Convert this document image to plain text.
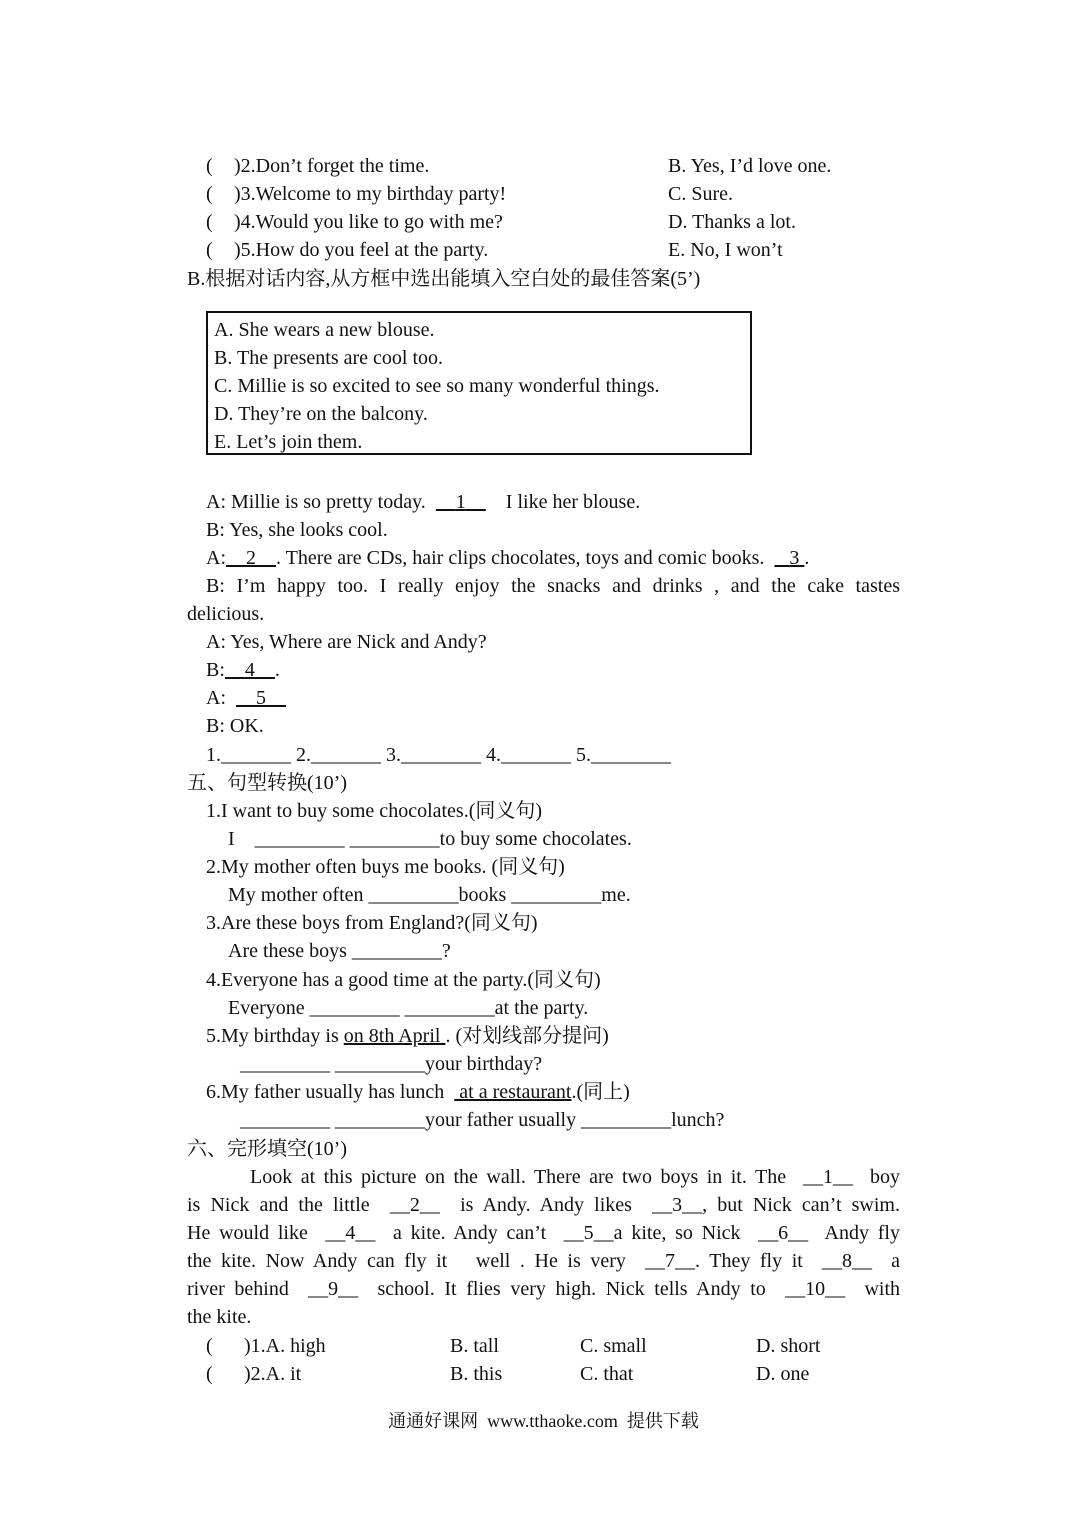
( )2.Don’t forget the time.	B. Yes, I’d love one.
( )3.Welcome to my birthday party!	C. Sure.
( )4.Would you like to go with me?	D. Thanks a lot.
( )5.How do you feel at the party.	E. No, I won’t
B.根据对话内容,从方框中选出能填入空白处的最佳答案(5’)
A. She wears a new blouse.
B. The presents are cool too.
C. Millie is so excited to see so many wonderful things.
D. They’re on the balcony.
E. Let’s join them.
A: Millie is so pretty today. 1 I like her blouse.
B: Yes, she looks cool.
A: 2 . There are CDs, hair clips chocolates, toys and comic books. 3 .
B: I’m happy too. I really enjoy the snacks and drinks , and the cake tastes
delicious.
A: Yes, Where are Nick and Andy?
B: 4 .
A: 5
B: OK.
1._______ 2._______ 3.________ 4._______ 5.________
五、句型转换(10’)
1.I want to buy some chocolates.(同义句)
I    _________ _________to buy some chocolates.
2.My mother often buys me books. (同义句)
My mother often _________books _________me.
3.Are these boys from England?(同义句)
Are these boys _________?
4.Everyone has a good time at the party.(同义句)
Everyone _________ _________at the party.
5.My birthday is on 8th April . (对划线部分提问)
_________ _________your birthday?
6.My father usually has lunch   at a restaurant.(同上)
_________ _________your father usually _________lunch?
六、完形填空(10’)
Look at this picture on the wall. There are two boys in it. The  __1__  boy
is Nick and the little  __2__  is Andy. Andy likes  __3__, but Nick can’t swim.
He would like  __4__  a kite. Andy can’t  __5__a kite, so Nick  __6__  Andy fly
the kite. Now Andy can fly it   well . He is very  __7__. They fly it  __8__  a
river behind  __9__  school. It flies very high. Nick tells Andy to  __10__  with
the kite.
( )1.A. high	B. tall	C. small	D. short
( )2.A. it	B. this	C. that	D. one
通通好课网  www.tthaoke.com  提供下载
